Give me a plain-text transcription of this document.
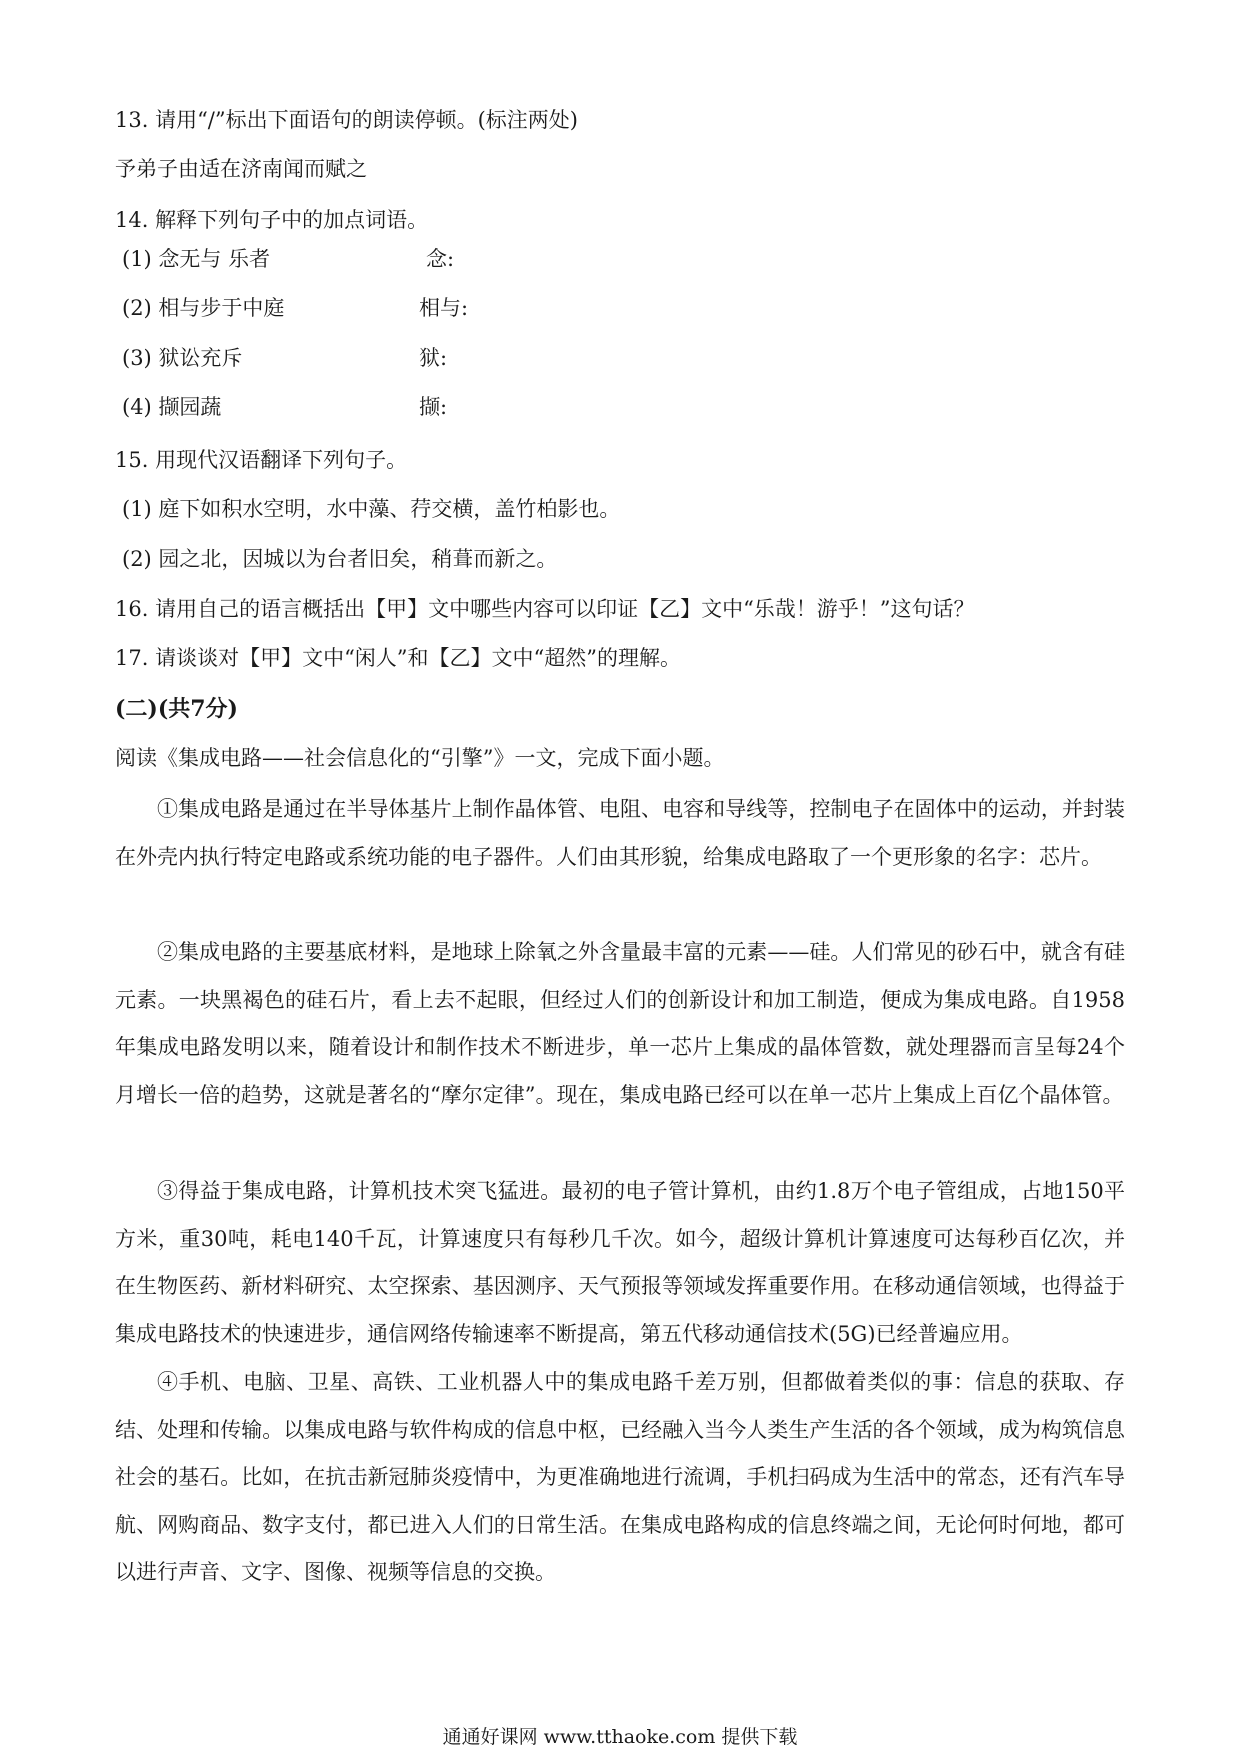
13. 请用“/”标出下面语句的朗读停顿。(标注两处)
予弟子由适在济南闻而赋之
14. 解释下列句子中的加点词语。
(1) 念无与 乐者	念:
(2) 相与步于中庭	相与:
(3) 狱讼充斥	狱:
(4) 撷园蔬	撷:
15. 用现代汉语翻译下列句子。
(1) 庭下如积水空明，水中藻、荇交横，盖竹柏影也。
(2) 园之北，因城以为台者旧矣，稍葺而新之。
16. 请用自己的语言概括出【甲】文中哪些内容可以印证【乙】文中“乐哉！游乎！”这句话？
17. 请谈谈对【甲】文中“闲人”和【乙】文中“超然”的理解。
(二)(共7分)
阅读《集成电路——社会信息化的“引擎”》一文，完成下面小题。
①集成电路是通过在半导体基片上制作晶体管、电阻、电容和导线等，控制电子在固体中的运动，并封装在外壳内执行特定电路或系统功能的电子器件。人们由其形貌，给集成电路取了一个更形象的名字：芯片。
②集成电路的主要基底材料，是地球上除氧之外含量最丰富的元素——硅。人们常见的砂石中，就含有硅元素。一块黑褐色的硅石片，看上去不起眼，但经过人们的创新设计和加工制造，便成为集成电路。自1958年集成电路发明以来，随着设计和制作技术不断进步，单一芯片上集成的晶体管数，就处理器而言呈每24个月增长一倍的趋势，这就是著名的“摩尔定律”。现在，集成电路已经可以在单一芯片上集成上百亿个晶体管。
③得益于集成电路，计算机技术突飞猛进。最初的电子管计算机，由约1.8万个电子管组成，占地150平方米，重30吨，耗电140千瓦，计算速度只有每秒几千次。如今，超级计算机计算速度可达每秒百亿次，并在生物医药、新材料研究、太空探索、基因测序、天气预报等领域发挥重要作用。在移动通信领域，也得益于集成电路技术的快速进步，通信网络传输速率不断提高，第五代移动通信技术(5G)已经普遍应用。
④手机、电脑、卫星、高铁、工业机器人中的集成电路千差万别，但都做着类似的事：信息的获取、存结、处理和传输。以集成电路与软件构成的信息中枢，已经融入当今人类生产生活的各个领域，成为构筑信息社会的基石。比如，在抗击新冠肺炎疫情中，为更准确地进行流调，手机扫码成为生活中的常态，还有汽车导航、网购商品、数字支付，都已进入人们的日常生活。在集成电路构成的信息终端之间，无论何时何地，都可以进行声音、文字、图像、视频等信息的交换。
通通好课网 www.tthaoke.com 提供下载
